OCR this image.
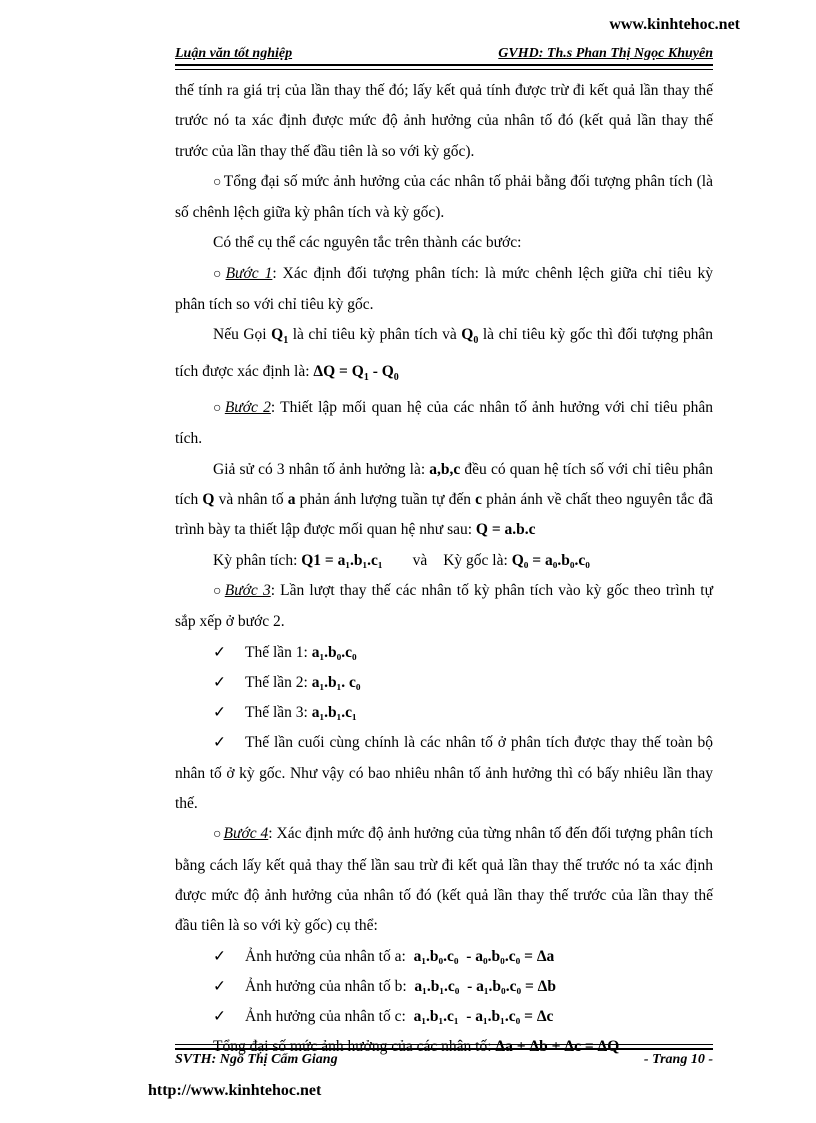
www.kinhtehoc.net
Luận văn tốt nghiệp	GVHD: Th.s Phan Thị Ngọc Khuyên

thế tính ra giá trị của lần thay thế đó; lấy kết quả tính được trừ đi kết quả lần thay thế trước nó ta xác định được mức độ ảnh hưởng của nhân tố đó (kết quả lần thay thế trước của lần thay thế đầu tiên là so với kỳ gốc).

○ Tổng đại số mức ảnh hưởng của các nhân tố phải bằng đối tượng phân tích (là số chênh lệch giữa kỳ phân tích và kỳ gốc).

Có thể cụ thể các nguyên tắc trên thành các bước:

○ Bước 1: Xác định đối tượng phân tích: là mức chênh lệch giữa chỉ tiêu kỳ phân tích so với chỉ tiêu kỳ gốc.

Nếu Gọi $Q_1$ là chỉ tiêu kỳ phân tích và $Q_0$ là chỉ tiêu kỳ gốc thì đối tượng phân tích được xác định là: $\Delta Q = Q_1 - Q_0$

○ Bước 2: Thiết lập mối quan hệ của các nhân tố ảnh hưởng với chỉ tiêu phân tích.

Giả sử có 3 nhân tố ảnh hưởng là: a,b,c đều có quan hệ tích số với chỉ tiêu phân tích Q và nhân tố a phản ánh lượng tuần tự đến c phản ánh về chất theo nguyên tắc đã trình bày ta thiết lập được mối quan hệ như sau: Q = a.b.c

Kỳ phân tích: Q1 = a₁.b₁.c₁ và Kỳ gốc là: Q₀ = a₀.b₀.c₀

○ Bước 3: Lần lượt thay thế các nhân tố kỳ phân tích vào kỳ gốc theo trình tự sắp xếp ở bước 2.

✓	Thế lần 1: a₁.b₀.c₀
✓	Thế lần 2: a₁.b₁. c₀
✓	Thế lần 3: a₁.b₁.c₁

✓ Thế lần cuối cùng chính là các nhân tố ở phân tích được thay thế toàn bộ nhân tố ở kỳ gốc. Như vậy có bao nhiêu nhân tố ảnh hưởng thì có bấy nhiêu lần thay thế.

○ Bước 4: Xác định mức độ ảnh hưởng của từng nhân tố đến đối tượng phân tích bằng cách lấy kết quả thay thế lần sau trừ đi kết quả lần thay thế trước nó ta xác định được mức độ ảnh hưởng của nhân tố đó (kết quả lần thay thế trước của lần thay thế đầu tiên là so với kỳ gốc) cụ thể:

✓	Ảnh hưởng của nhân tố a:  a₁.b₀.c₀  - a₀.b₀.c₀ = Δa
✓	Ảnh hưởng của nhân tố b:  a₁.b₁.c₀  - a₁.b₀.c₀ = Δb
✓	Ảnh hưởng của nhân tố c:  a₁.b₁.c₁  - a₁.b₁.c₀ = Δc

Tổng đại số mức ảnh hưởng của các nhân tố: Δa + Δb + Δc = ΔQ

SVTH: Ngô Thị Cẩm Giang	- Trang 10 -
http://www.kinhtehoc.net
